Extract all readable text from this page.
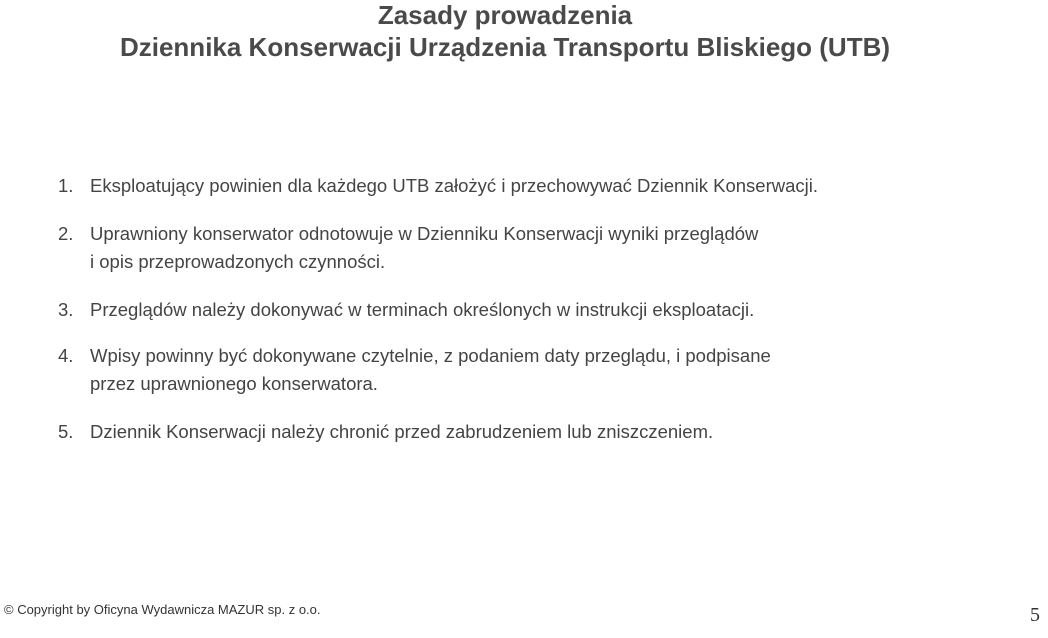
Zasady prowadzenia
Dziennika Konserwacji Urządzenia Transportu Bliskiego (UTB)
1. Eksploatujący powinien dla każdego UTB założyć i przechowywać Dziennik Konserwacji.
2. Uprawniony konserwator odnotowuje w Dzienniku Konserwacji wyniki przeglądów
i opis przeprowadzonych czynności.
3. Przeglądów należy dokonywać w terminach określonych w instrukcji eksploatacji.
4. Wpisy powinny być dokonywane czytelnie, z podaniem daty przeglądu, i podpisane
przez uprawnionego konserwatora.
5. Dziennik Konserwacji należy chronić przed zabrudzeniem lub zniszczeniem.
© Copyright by Oficyna Wydawnicza MAZUR sp. z o.o.	5
